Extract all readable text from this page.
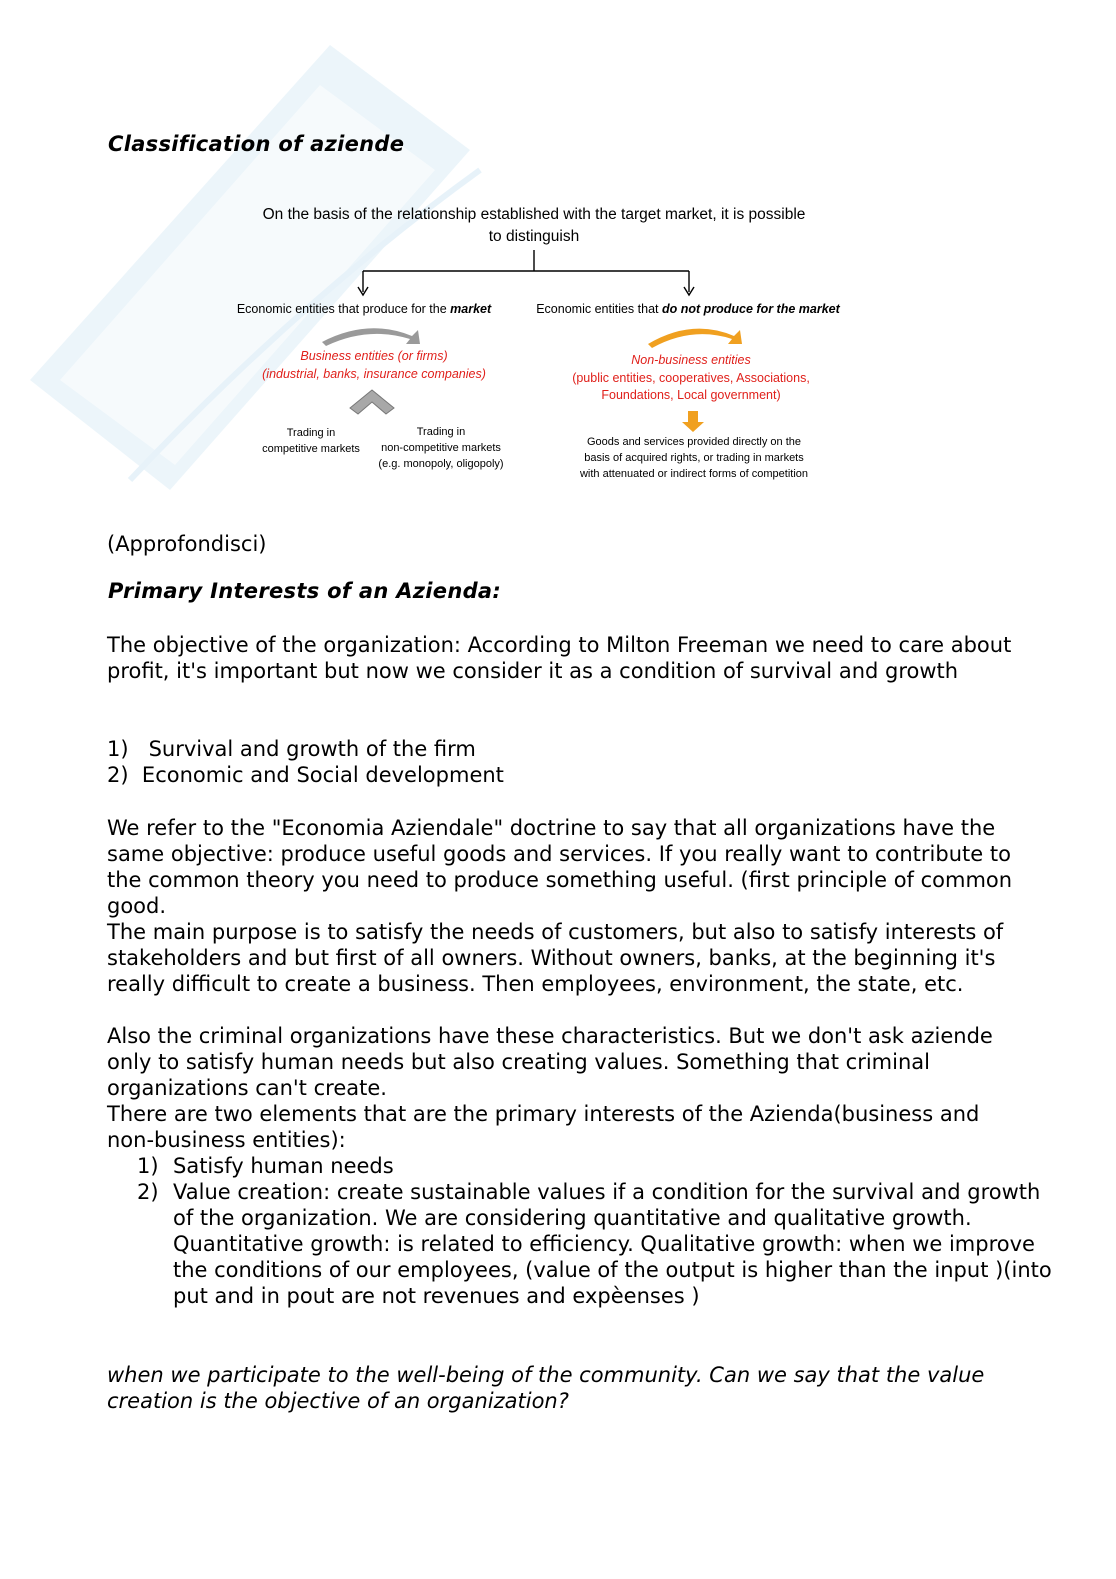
Classification of aziende
On the basis of the relationship established with the target market, it is possible
to distinguish
Economic entities that produce for the market	Economic entities that do not produce for the market
Business entities (or firms)
(industrial, banks, insurance companies)
Non-business entities
(public entities, cooperatives, Associations,
Foundations, Local government)
Trading in
competitive markets
Trading in
non-competitive markets
(e.g. monopoly, oligopoly)
Goods and services provided directly on the
basis of acquired rights, or trading in markets
with attenuated or indirect forms of competition

(Approfondisci)

Primary Interests of an Azienda:

The objective of the organization: According to Milton Freeman we need to care about profit, it's important but now we consider it as a condition of survival and growth

1) Survival and growth of the firm
2) Economic and Social development

We refer to the "Economia Aziendale" doctrine to say that all organizations have the same objective: produce useful goods and services. If you really want to contribute to the common theory you need to produce something useful. (first principle of common good.

The main purpose is to satisfy the needs of customers, but also to satisfy interests of stakeholders and but first of all owners. Without owners, banks, at the beginning it's really difficult to create a business. Then employees, environment, the state, etc.

Also the criminal organizations have these characteristics. But we don't ask aziende only to satisfy human needs but also creating values. Something that criminal organizations can't create.

There are two elements that are the primary interests of the Azienda(business and non-business entities):

1) Satisfy human needs
2) Value creation: create sustainable values if a condition for the survival and growth of the organization. We are considering quantitative and qualitative growth. Quantitative growth: is related to efficiency. Qualitative growth: when we improve the conditions of our employees, (value of the output is higher than the input )(into put and in pout are not revenues and expèenses )

when we participate to the well-being of the community. Can we say that the value creation is the objective of an organization?
